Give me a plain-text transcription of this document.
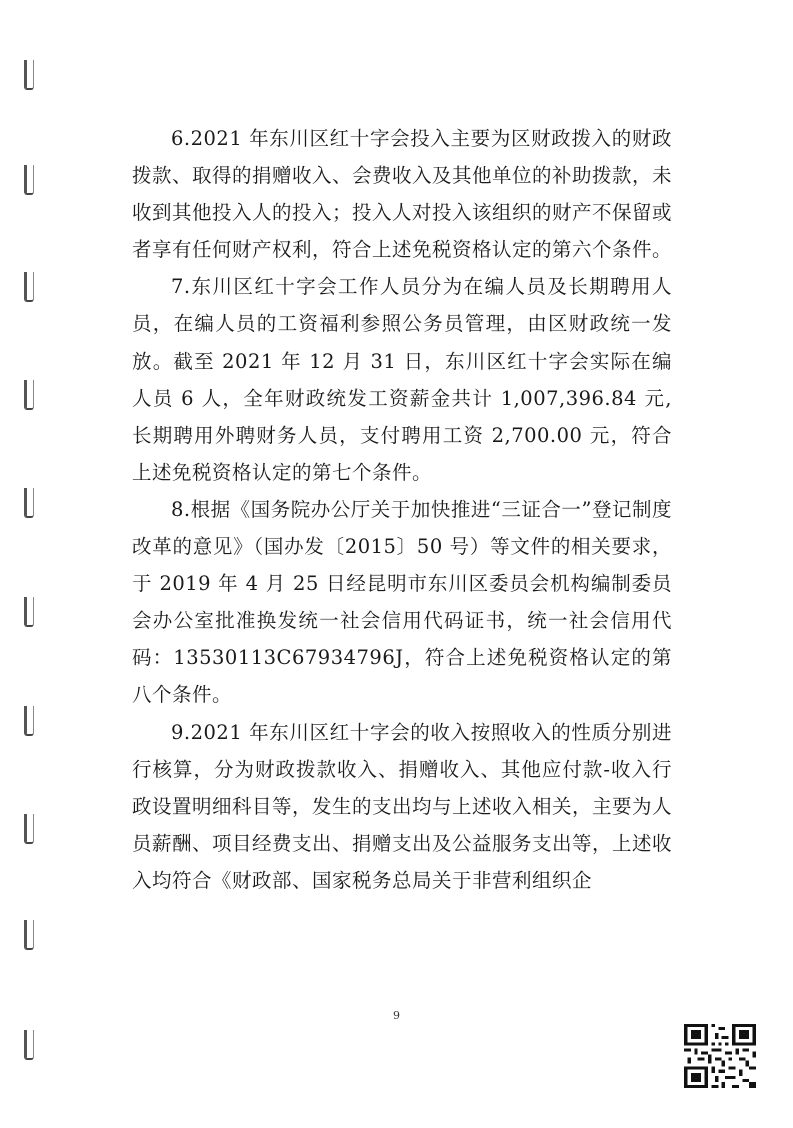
6.2021 年东川区红十字会投入主要为区财政拨入的财政拨款、取得的捐赠收入、会费收入及其他单位的补助拨款，未收到其他投入人的投入；投入人对投入该组织的财产不保留或者享有任何财产权利，符合上述免税资格认定的第六个条件。

7.东川区红十字会工作人员分为在编人员及长期聘用人员，在编人员的工资福利参照公务员管理，由区财政统一发放。截至 2021 年 12 月 31 日，东川区红十字会实际在编人员 6 人，全年财政统发工资薪金共计 1,007,396.84 元,长期聘用外聘财务人员，支付聘用工资 2,700.00 元，符合上述免税资格认定的第七个条件。

8.根据《国务院办公厅关于加快推进“三证合一”登记制度改革的意见》（国办发〔2015〕50 号）等文件的相关要求，于 2019 年 4 月 25 日经昆明市东川区委员会机构编制委员会办公室批准换发统一社会信用代码证书，统一社会信用代码：13530113C67934796J，符合上述免税资格认定的第八个条件。

9.2021 年东川区红十字会的收入按照收入的性质分别进行核算，分为财政拨款收入、捐赠收入、其他应付款-收入行政设置明细科目等，发生的支出均与上述收入相关，主要为人员薪酬、项目经费支出、捐赠支出及公益服务支出等，上述收入均符合《财政部、国家税务总局关于非营利组织企

9
